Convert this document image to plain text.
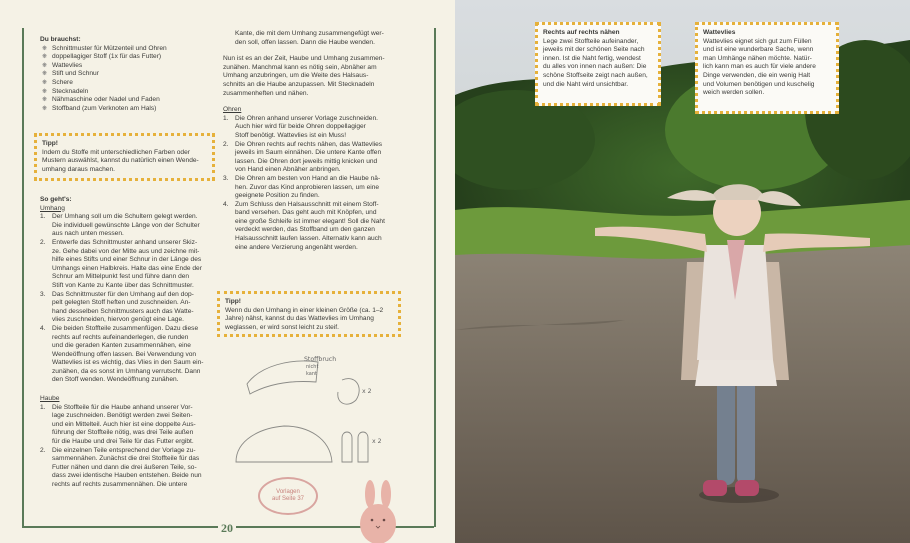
Du brauchst:

❋ Schnittmuster für Mützenteil und Ohren
❋ doppellagiger Stoff (1x für das Futter)
❋ Wattevlies
❋ Stift und Schnur
❋ Schere
❋ Stecknadeln
❋ Nähmaschine oder Nadel und Faden
❋ Stoffband (zum Verknoten am Hals)
Tipp!
Indem du Stoffe mit unterschiedlichen Farben oder
Mustern auswählst, kannst du natürlich einen Wende-
umhang daraus machen.

So geht's:

Umhang

1. Der Umhang soll um die Schultern gelegt werden.
Die individuell gewünschte Länge von der Schulter
aus nach unten messen.
2. Entwerfe das Schnittmuster anhand unserer Skiz-
ze. Gehe dabei von der Mitte aus und zeichne mit-
hilfe eines Stifts und einer Schnur in der Länge des
Umhangs einen Halbkreis. Halte das eine Ende der
Schnur am Mittelpunkt fest und führe dann den
Stift von Kante zu Kante über das Schnittmuster.
3. Das Schnittmuster für den Umhang auf den dop-
pelt gelegten Stoff heften und zuschneiden. An-
hand desselben Schnittmusters auch das Watte-
vlies zuschneiden, hiervon genügt eine Lage.
4. Die beiden Stoffteile zusammenfügen. Dazu diese
rechts auf rechts aufeinanderlegen, die runden
und die geraden Kanten zusammennähen, eine
Wendeöffnung offen lassen. Bei Verwendung von
Wattevlies ist es wichtig, das Vlies in den Saum ein-
zunähen, da es sonst im Umhang verrutscht. Dann
den Stoff wenden. Wendeöffnung zunähen.

Haube

1. Die Stoffteile für die Haube anhand unserer Vor-
lage zuschneiden. Benötigt werden zwei Seiten-
und ein Mittelteil. Auch hier ist eine doppelte Aus-
führung der Stoffteile nötig, was drei Teile außen
für die Haube und drei Teile für das Futter ergibt.
2. Die einzelnen Teile entsprechend der Vorlage zu-
sammennähen. Zunächst die drei Stoffteile für das
Futter nähen und dann die drei äußeren Teile, so-
dass zwei identische Hauben entstehen. Beide nun
rechts auf rechts zusammennähen. Die untere
Kante, die mit dem Umhang zusammengefügt wer-
den soll, offen lassen. Dann die Haube wenden.

Nun ist es an der Zeit, Haube und Umhang zusammen-
zunähen. Manchmal kann es nötig sein, Abnäher am
Umhang anzubringen, um die Weite des Halsaus-
schnitts an die Haube anzupassen. Mit Stecknadeln
zusammenheften und nähen.

Ohren

1. Die Ohren anhand unserer Vorlage zuschneiden.
Auch hier wird für beide Ohren doppellagiger
Stoff benötigt. Wattevlies ist ein Muss!
2. Die Ohren rechts auf rechts nähen, das Wattevlies
jeweils im Saum einnähen. Die untere Kante offen
lassen. Die Ohren dort jeweils mittig knicken und
von Hand einen Abnäher anbringen.
3. Die Ohren am besten von Hand an die Haube nä-
hen. Zuvor das Kind anprobieren lassen, um eine
geeignete Position zu finden.
4. Zum Schluss den Halsausschnitt mit einem Stoff-
band versehen. Das geht auch mit Knöpfen, und
eine große Schleife ist immer elegant! Soll die Naht
verdeckt werden, das Stoffband um den ganzen
Halsausschnitt laufen lassen. Alternativ kann auch
eine andere Verzierung angenäht werden.
Tipp!
Wenn du den Umhang in einer kleinen Größe (ca. 1–2
Jahre) nähst, kannst du das Wattevlies im Umhang
weglassen, er wird sonst leicht zu steif.
Stoffbruch
nicht
kant
x 2
x 2
Vorlagen
auf Seite 37
20
Rechts auf rechts nähen
Lege zwei Stoffteile aufeinander,
jeweils mit der schönen Seite nach
innen. Ist die Naht fertig, wendest
du alles von innen nach außen: Die
schöne Stoffseite zeigt nach außen,
und die Naht wird unsichtbar.
Wattevlies
Wattevlies eignet sich gut zum Füllen
und ist eine wunderbare Sache, wenn
man Umhänge nähen möchte. Natür-
lich kann man es auch für viele andere
Dinge verwenden, die ein wenig Halt
und Volumen benötigen und kuschelig
weich werden sollen.
